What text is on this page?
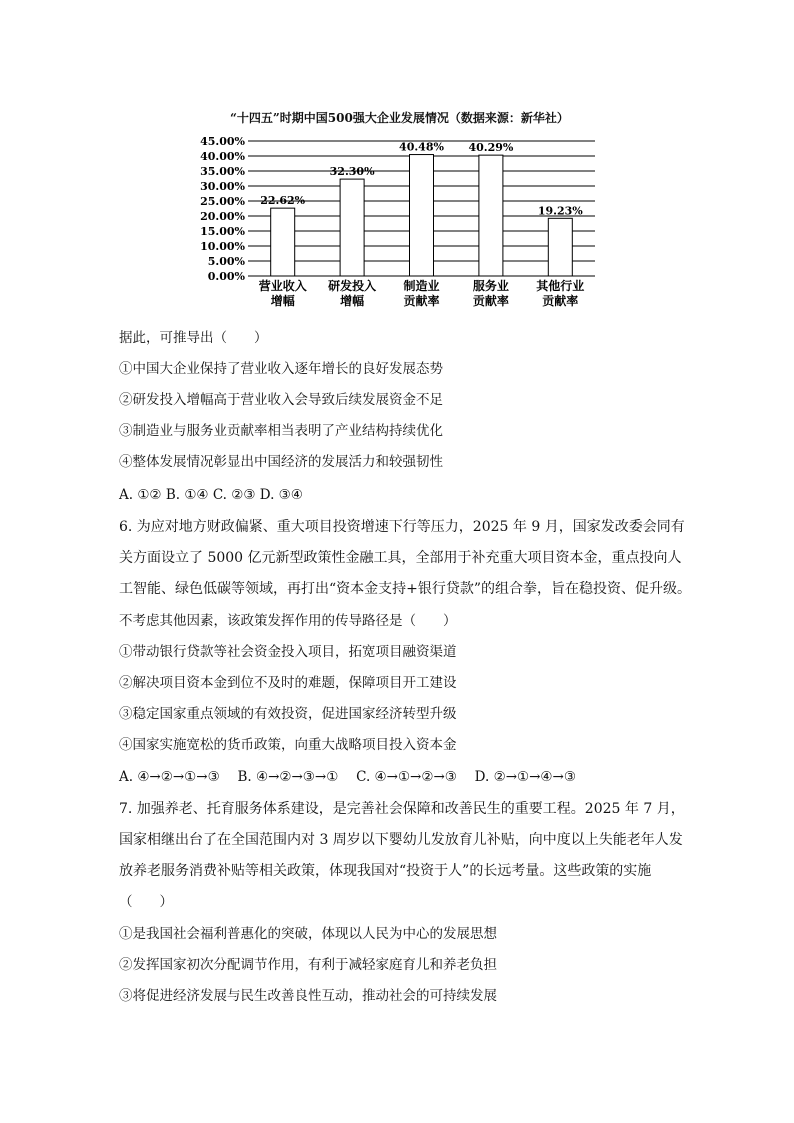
“十四五”时期中国500强大企业发展情况（数据来源：新华社）
45.00%
40.00%
35.00%
30.00%
25.00%
20.00%
15.00%
10.00%
5.00%
0.00%
22.62%
营业收入
增幅
32.30%
研发投入
增幅
40.48%
制造业
贡献率
40.29%
服务业
贡献率
19.23%
其他行业
贡献率
据此，可推导出（　　）
①中国大企业保持了营业收入逐年增长的良好发展态势
②研发投入增幅高于营业收入会导致后续发展资金不足
③制造业与服务业贡献率相当表明了产业结构持续优化
④整体发展情况彰显出中国经济的发展活力和较强韧性
A. ①② B. ①④ C. ②③ D. ③④
6. 为应对地方财政偏紧、重大项目投资增速下行等压力，2025 年 9 月，国家发改委会同有
关方面设立了 5000 亿元新型政策性金融工具，全部用于补充重大项目资本金，重点投向人
工智能、绿色低碳等领域，再打出“资本金支持+银行贷款”的组合拳，旨在稳投资、促升级。
不考虑其他因素，该政策发挥作用的传导路径是（　　）
①带动银行贷款等社会资金投入项目，拓宽项目融资渠道
②解决项目资本金到位不及时的难题，保障项目开工建设
③稳定国家重点领域的有效投资，促进国家经济转型升级
④国家实施宽松的货币政策，向重大战略项目投入资本金
A. ④→②→①→③　 B. ④→②→③→①　 C. ④→①→②→③　 D. ②→①→④→③
7. 加强养老、托育服务体系建设，是完善社会保障和改善民生的重要工程。2025 年 7 月，
国家相继出台了在全国范围内对 3 周岁以下婴幼儿发放育儿补贴，向中度以上失能老年人发
放养老服务消费补贴等相关政策，体现我国对“投资于人”的长远考量。这些政策的实施
（　　）
①是我国社会福利普惠化的突破，体现以人民为中心的发展思想
②发挥国家初次分配调节作用，有利于减轻家庭育儿和养老负担
③将促进经济发展与民生改善良性互动，推动社会的可持续发展
